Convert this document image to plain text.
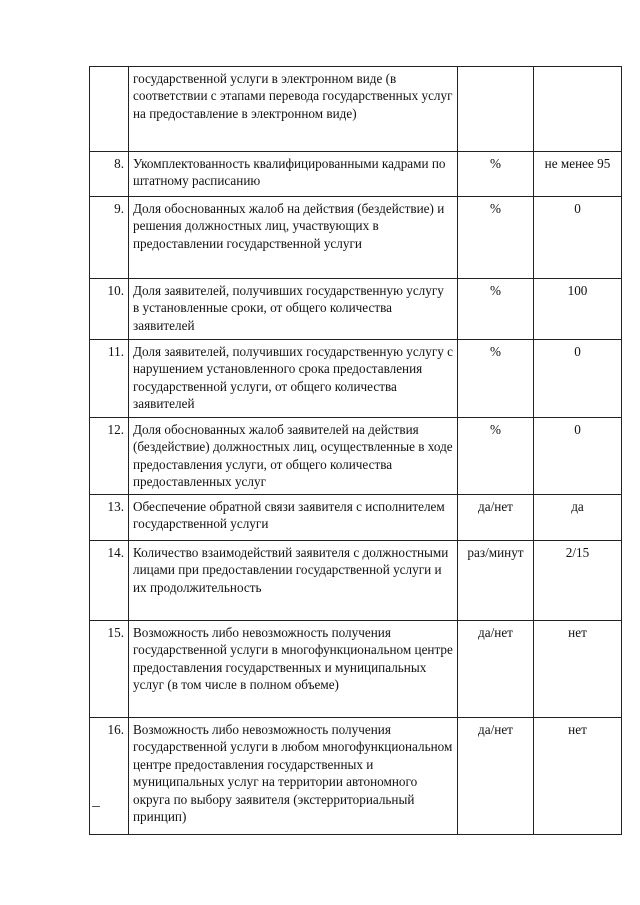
	государственной услуги в электронном виде (в соответствии с этапами перевода государственных услуг на предоставление в электронном виде)		
8.	Укомплектованность квалифицированными кадрами по штатному расписанию	%	не менее 95
9.	Доля обоснованных жалоб на действия (бездействие) и решения должностных лиц, участвующих в предоставлении государственной услуги	%	0
10.	Доля заявителей, получивших государственную услугу в установленные сроки, от общего количества заявителей	%	100
11.	Доля заявителей, получивших государственную услугу с нарушением установленного срока предоставления государственной услуги, от общего количества заявителей	%	0
12.	Доля обоснованных жалоб заявителей на действия (бездействие) должностных лиц, осуществленные в ходе предоставления услуги, от общего количества предоставленных услуг	%	0
13.	Обеспечение обратной связи заявителя с исполнителем государственной услуги	да/нет	да
14.	Количество взаимодействий заявителя с должностными лицами при предоставлении государственной услуги и их продолжительность	раз/минут	2/15
15.	Возможность либо невозможность получения государственной услуги в многофункциональном центре предоставления государственных и муниципальных услуг (в том числе в полном объеме)	да/нет	нет
16.	Возможность либо невозможность получения государственной услуги в любом многофункциональном центре предоставления государственных и муниципальных услуг на территории автономного округа по выбору заявителя (экстерриториальный принцип)	да/нет	нет
